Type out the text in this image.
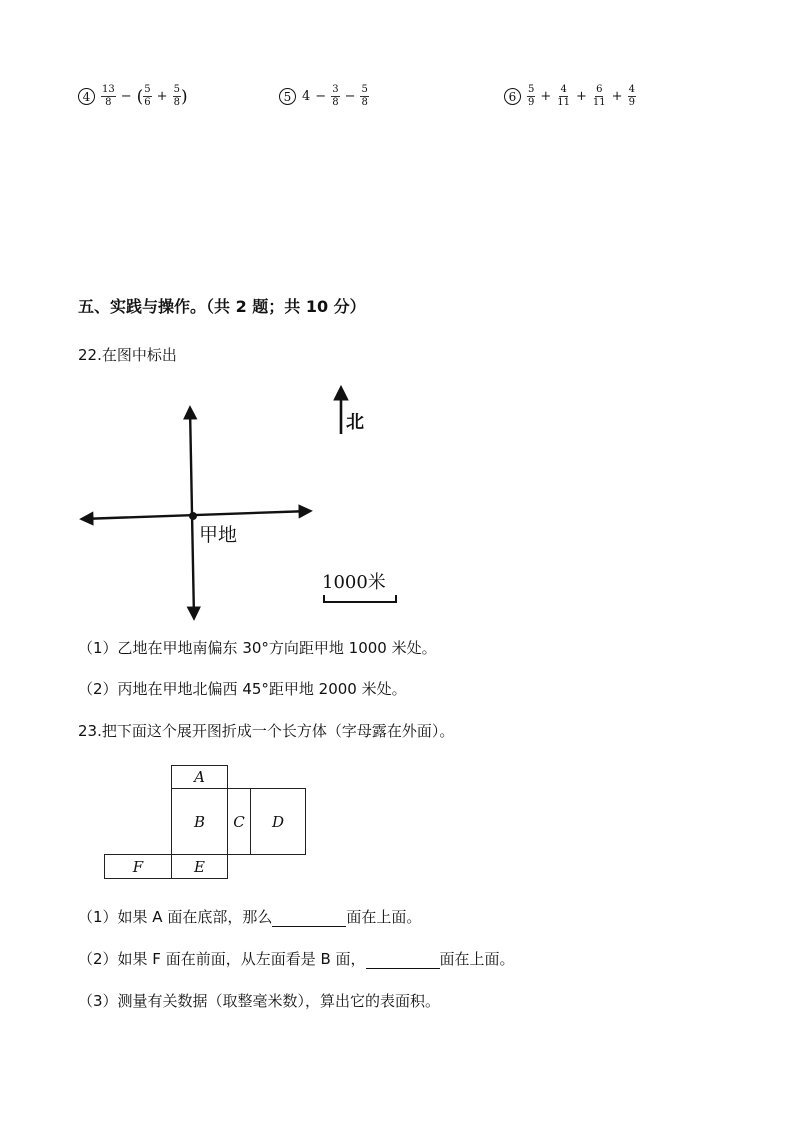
4	$\frac{13}{8}$ − ( $\frac{5}{6} + \frac{5}{8}$ )	5 $4 - \frac{3}{8} - \frac{5}{8}$	6	$\frac{5}{9} + \frac{4}{11} + \frac{6}{11} + \frac{4}{9}$
五、实践与操作。（共 2 题；共 10 分）
22.在图中标出
北
甲地
1000米
（1）乙地在甲地南偏东 30°方向距甲地 1000 米处。
（2）丙地在甲地北偏西 45°距甲地 2000 米处。
23.把下面这个展开图折成一个长方体（字母露在外面）。
A
B	C	D
E
F
（1）如果 A 面在底部，那么	面在上面。
（2）如果 F 面在前面，从左面看是 B 面，	面在上面。
（3）测量有关数据（取整毫米数），算出它的表面积。
